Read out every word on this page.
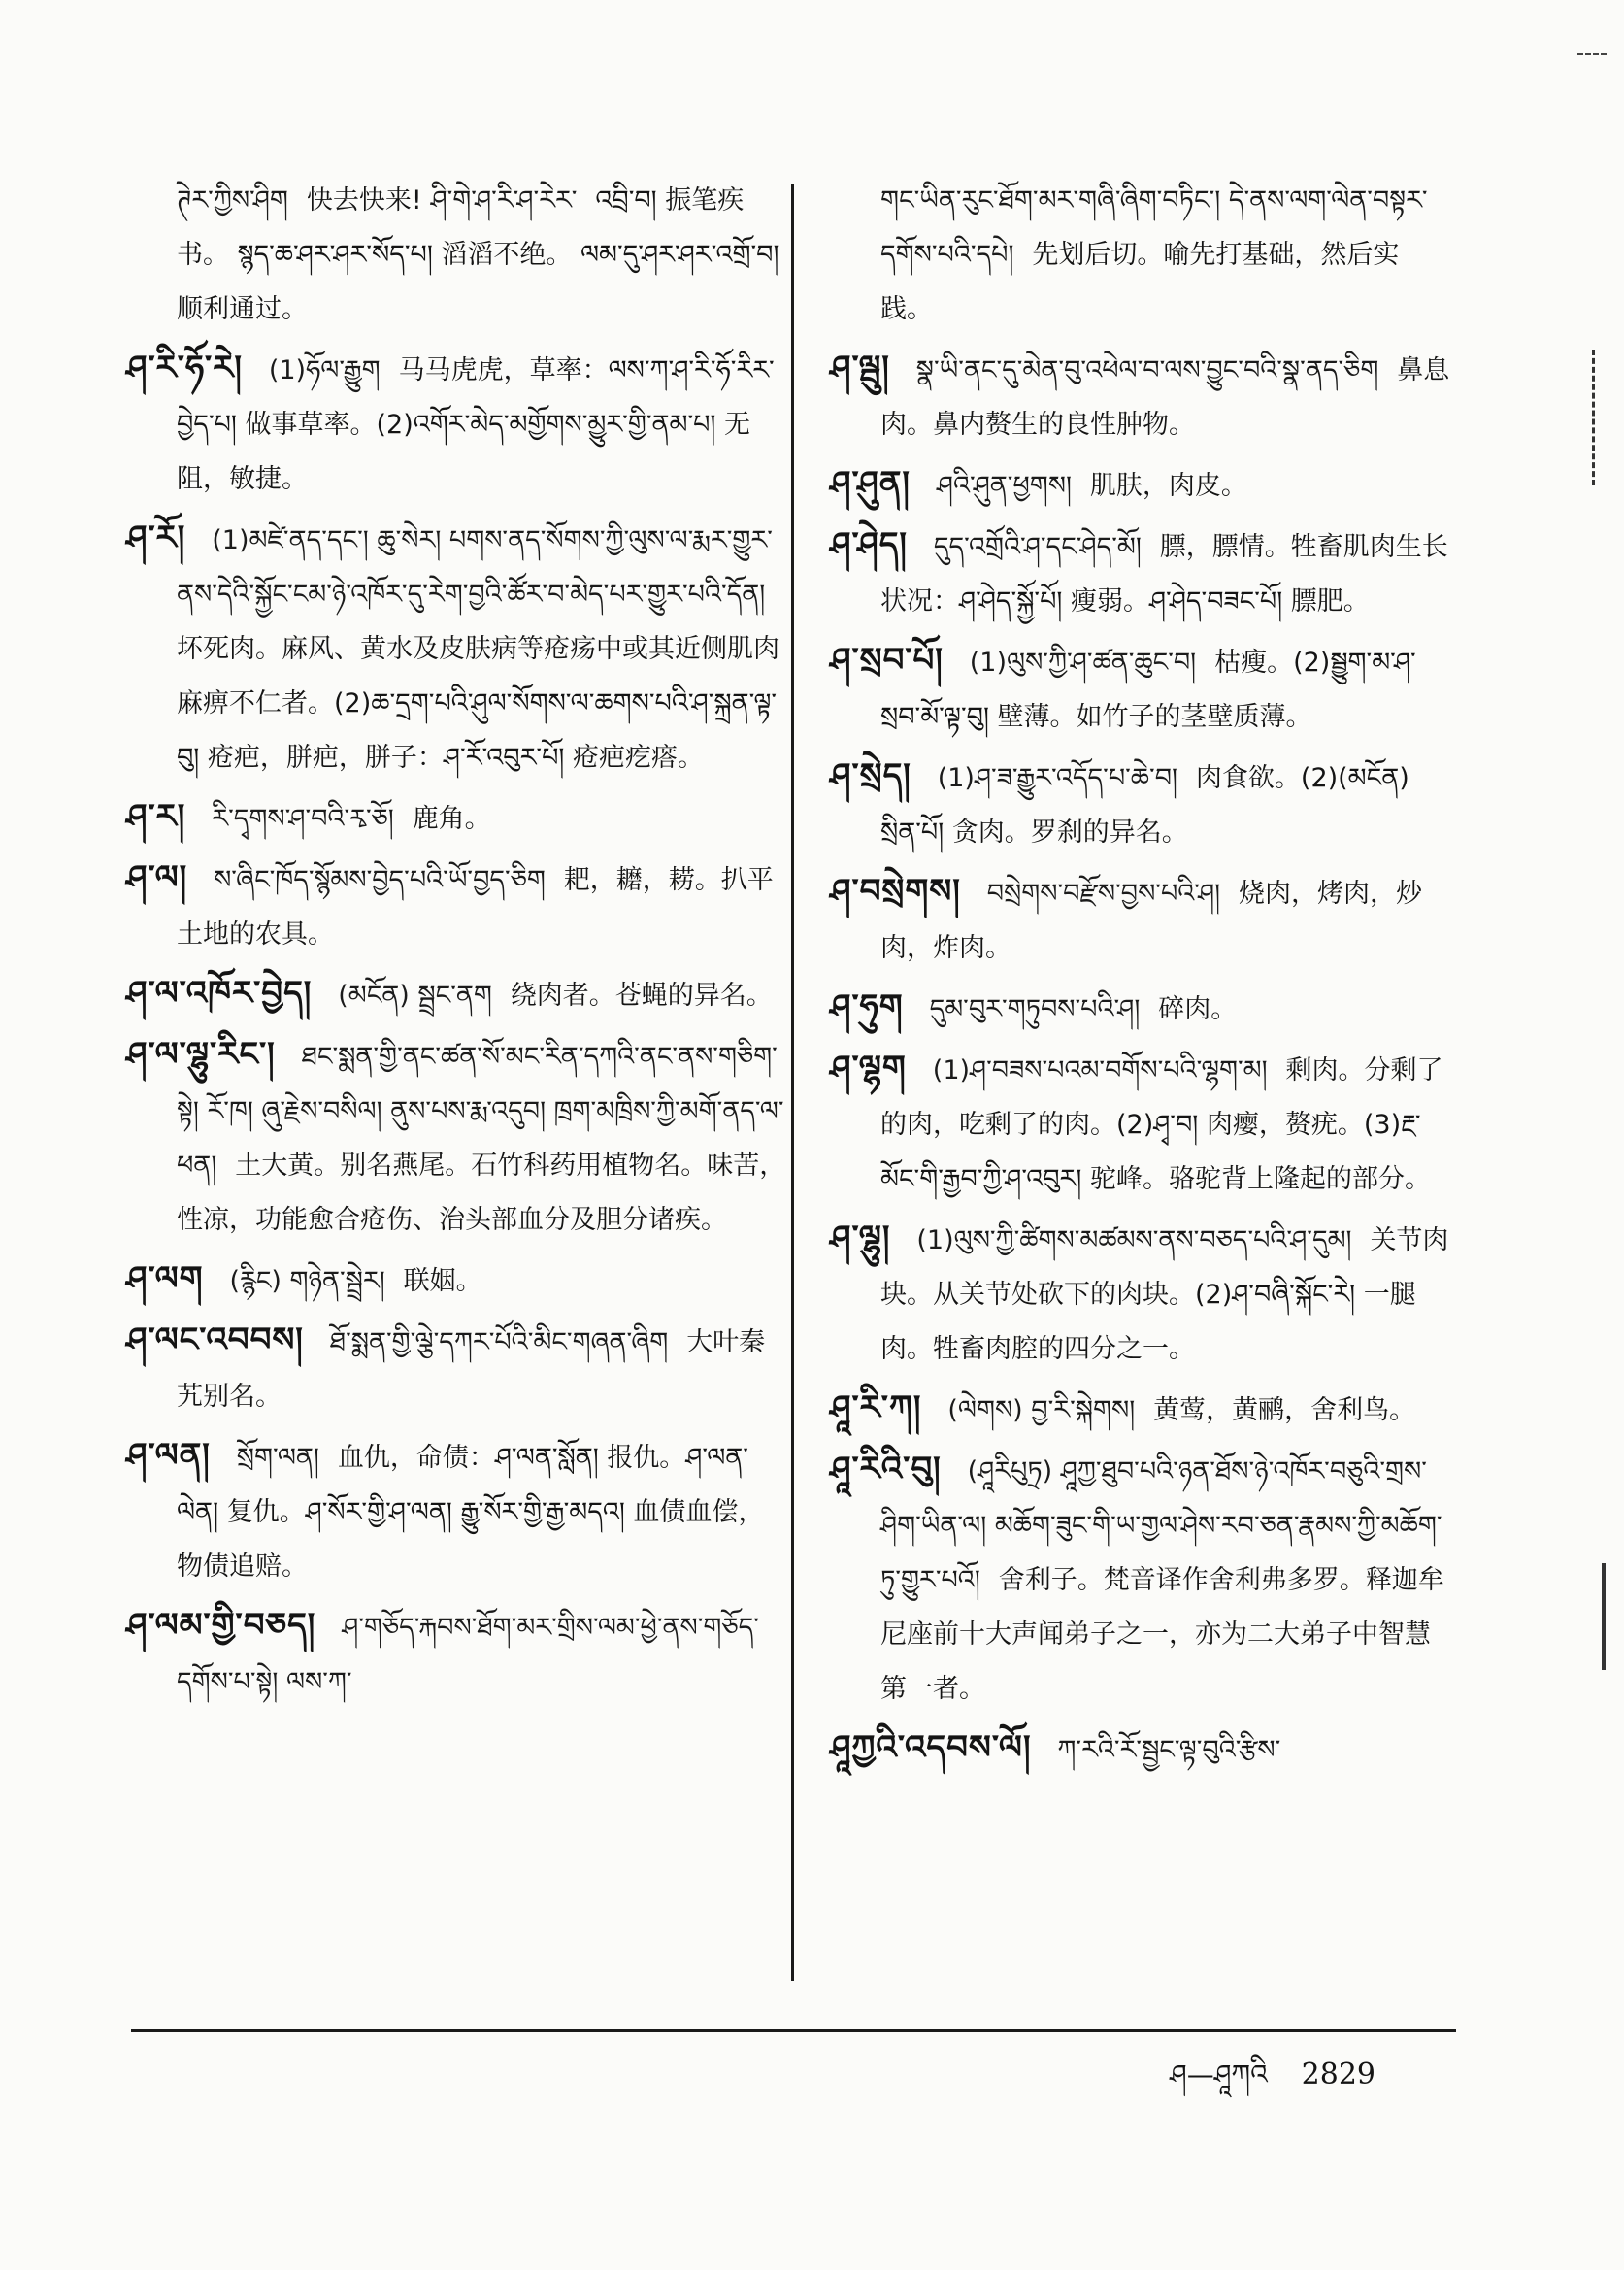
ཊེར་ཀྱིས་ཤིག 快去快来! ཤི་གེ་ཤ་རི་ཤ་རེར་ འབྲི་བ། 振笔疾书。 སྙད་ཆ་ཤར་ཤར་སོད་པ། 滔滔不绝。 ལམ་དུ་ཤར་ཤར་འགྲོ་བ། 顺利通过。
ཤ་རི་ཧོ་རེ། (1)ཧོལ་རྒྱུག 马马虎虎，草率：ལས་ཀ་ཤ་རི་ཧོ་རིར་བྱེད་པ། 做事草率。(2)འགོར་མེད་མགྱོགས་མྱུར་གྱི་ནམ་པ། 无阻，敏捷。
ཤ་རོ། (1)མཛེ་ནད་དང་། ཆུ་སེར། པགས་ནད་སོགས་ཀྱི་ལུས་ལ་རྨར་གྱུར་ནས་དེའི་སྐྱོང་ངམ་ཉེ་འཁོར་དུ་རེག་བྱའི་ཚོར་བ་མེད་པར་གྱུར་པའི་དོན། 坏死肉。麻风、黄水及皮肤病等疮疡中或其近侧肌肉麻痹不仁者。(2)ཆ་དྲག་པའི་ཤུལ་སོགས་ལ་ཆགས་པའི་ཤ་སྐྲན་ལྟ་བུ། 疮疤，胼疤，胼子：ཤ་རོ་འབུར་པོ། 疮疤疙瘩。
ཤ་ར། རི་དྭགས་ཤ་བའི་རྭ་ཅོ། 鹿角。
ཤ་ལ། ས་ཞིང་ཁོད་སྙོམས་བྱེད་པའི་ཡོ་བྱད་ཅིག 耙，耱，耢。扒平土地的农具。
ཤ་ལ་འཁོར་བྱེད། (མངོན) སྦྲང་ནག 绕肉者。苍蝇的异名。
ཤ་ལ་ལྷུ་རིང་། ཐང་སྨན་གྱི་ནང་ཚན་སོ་མང་རིན་དཀའི་ནང་ནས་གཅིག་སྟེ། རོ་ཁ། ཞུ་རྗེས་བསིལ། ནུས་པས་རྨ་འདུབ། ཁྲག་མཁྲིས་ཀྱི་མགོ་ནད་ལ་ཕན། 土大黄。别名燕尾。石竹科药用植物名。味苦，性凉，功能愈合疮伤、治头部血分及胆分诸疾。
ཤ་ལག (རྙིང) གཉེན་སྦྲེར། 联姻。
ཤ་ལང་འབབས། ཐོ་སྨན་གྱི་ལྕེ་དཀར་པོའི་མིང་གཞན་ཞིག 大叶秦艽别名。
ཤ་ལན། སྲོག་ལན། 血仇，命债：ཤ་ལན་སློན། 报仇。ཤ་ལན་ལེན། 复仇。ཤ་སོར་གྱི་ཤ་ལན། རྒྱུ་སོར་གྱི་རྒྱ་མདའ། 血债血偿，物债追赔。
ཤ་ལམ་གྱི་བཅད། ཤ་གཅོད་རྐབས་ཐོག་མར་གྲིས་ལམ་ཕྱེ་ནས་གཅོད་དགོས་པ་སྟེ། ལས་ཀ་
གང་ཡིན་རུང་ཐོག་མར་གཞི་ཞིག་བཏིང་། དེ་ནས་ལག་ལེན་བསྟར་དགོས་པའི་དཔེ། 先划后切。喻先打基础，然后实践。
ཤ་ལྦུ། སྣ་ཡི་ནང་དུ་མེན་བུ་འཕེལ་བ་ལས་བྱུང་བའི་སྣ་ནད་ཅིག 鼻息肉。鼻内赘生的良性肿物。
ཤ་ཤུན། ཤའི་ཤུན་ཕྱགས། 肌肤，肉皮。
ཤ་ཤེད། དུད་འགྲོའི་ཤ་དང་ཤེད་མོ། 膘，膘情。牲畜肌肉生长状况：ཤ་ཤེད་སྐྱོ་པོ། 瘦弱。ཤ་ཤེད་བཟང་པོ། 膘肥。
ཤ་སྲབ་པོ། (1)ལུས་ཀྱི་ཤ་ཚན་ཆུང་བ། 枯瘦。(2)སྦྱུག་མ་ཤ་སྲབ་མོ་ལྟ་བུ། 壁薄。如竹子的茎壁质薄。
ཤ་སྲེད། (1)ཤ་ཟ་རྒྱུར་འདོད་པ་ཆེ་བ། 肉食欲。(2)(མངོན) སྲིན་པོ། 贪肉。罗刹的异名。
ཤ་བསྲེགས། བསྲེགས་བརྫོས་བྱས་པའི་ཤ། 烧肉，烤肉，炒肉，炸肉。
ཤ་ཧུག དུམ་བུར་གཏུབས་པའི་ཤ། 碎肉。
ཤ་ལྷག (1)ཤ་བཟས་པའམ་བགོས་པའི་ལྷག་མ། 剩肉。分剩了的肉，吃剩了的肉。(2)ཤྭ་བ། 肉瘿，赘疣。(3)རྔ་མོང་གི་རྒྱབ་ཀྱི་ཤ་འབུར། 驼峰。骆驼背上隆起的部分。
ཤ་ལྷུ། (1)ལུས་ཀྱི་ཚིགས་མཚམས་ནས་བཅད་པའི་ཤ་དུམ། 关节肉块。从关节处砍下的肉块。(2)ཤ་བཞི་སྐོང་རེ། 一腿肉。牲畜肉腔的四分之一。
ཤཱ་རི་ཀ། (ལེགས) བྱ་རི་སྐེགས། 黄莺，黄鹂，舍利鸟。
ཤཱ་རིའི་བུ། (ཤཱརིཔུཏྲ) ཤཱཀྱ་ཐུབ་པའི་ཉན་ཐོས་ཉེ་འཁོར་བཅུའི་གྲས་ཤིག་ཡིན་ལ། མཆོག་ཟུང་གི་ཡ་གྱལ་ཤེས་རབ་ཅན་རྣམས་ཀྱི་མཆོག་ཏུ་གྱུར་པའོ། 舍利子。梵音译作舍利弗多罗。释迦牟尼座前十大声闻弟子之一，亦为二大弟子中智慧第一者。
ཤཱཀྱའི་འདབས་ལོ། ཀ་རའི་རོ་སྦྱང་ལྟ་བུའི་རྩིས་
ཤ—ཤཱཀའི 2829
